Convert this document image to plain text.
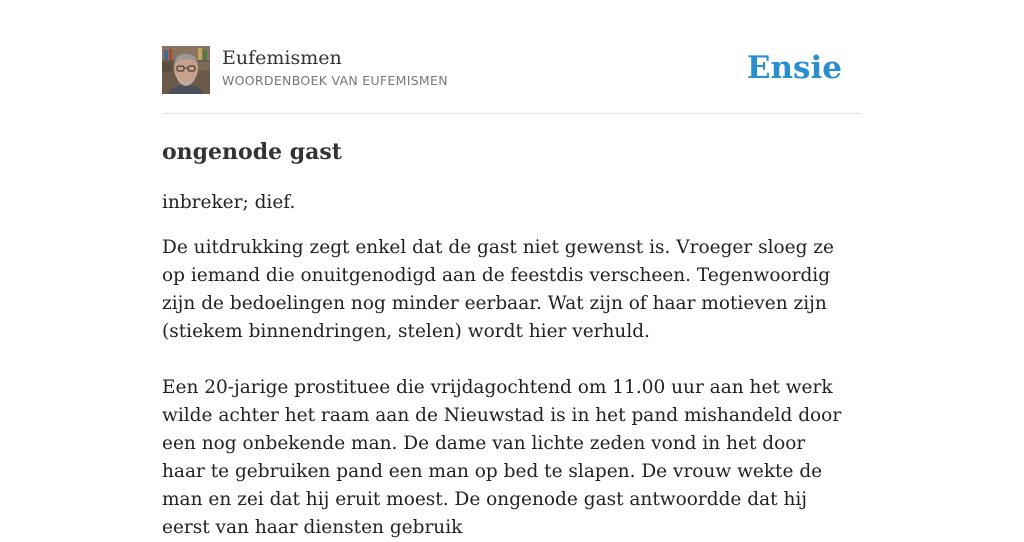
Eufemismen
WOORDENBOEK VAN EUFEMISMEN	Ensie
ongenode gast

inbreker; dief.

De uitdrukking zegt enkel dat de gast niet gewenst is. Vroeger sloeg ze op iemand die onuitgenodigd aan de feestdis verscheen. Tegenwoordig zijn de bedoelingen nog minder eerbaar. Wat zijn of haar motieven zijn (stiekem binnendringen, stelen) wordt hier verhuld.

Een 20-jarige prostituee die vrijdagochtend om 11.00 uur aan het werk wilde achter het raam aan de Nieuwstad is in het pand mishandeld door een nog onbekende man. De dame van lichte zeden vond in het door haar te gebruiken pand een man op bed te slapen. De vrouw wekte de man en zei dat hij eruit moest. De ongenode gast antwoordde dat hij eerst van haar diensten gebruik
